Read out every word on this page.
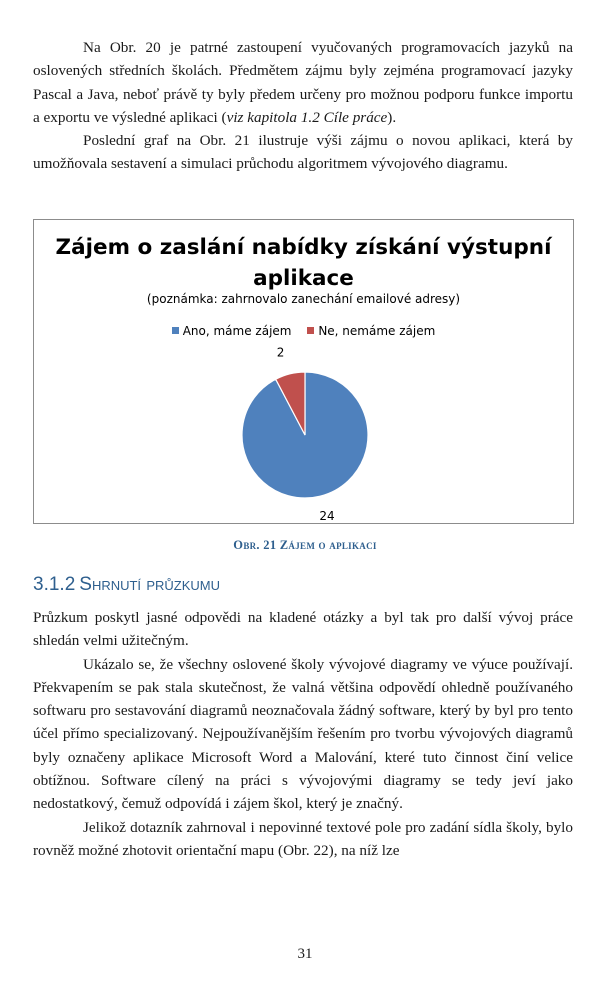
Na Obr. 20 je patrné zastoupení vyučovaných programovacích jazyků na oslovených středních školách. Předmětem zájmu byly zejména programovací jazyky Pascal a Java, neboť právě ty byly předem určeny pro možnou podporu funkce importu a exportu ve výsledné aplikaci (viz kapitola 1.2 Cíle práce).

Poslední graf na Obr. 21 ilustruje výši zájmu o novou aplikaci, která by umožňovala sestavení a simulaci průchodu algoritmem vývojového diagramu.

Zájem o zaslání nabídky získání výstupní aplikace
(poznámka: zahrnovalo zanechání emailové adresy)
Ano, máme zájem Ne, nemáme zájem
24
2
Obr. 21 Zájem o aplikaci
3.1.2 Shrnutí průzkumu

Průzkum poskytl jasné odpovědi na kladené otázky a byl tak pro další vývoj práce shledán velmi užitečným.

Ukázalo se, že všechny oslovené školy vývojové diagramy ve výuce používají. Překvapením se pak stala skutečnost, že valná většina odpovědí ohledně používaného softwaru pro sestavování diagramů neoznačovala žádný software, který by byl pro tento účel přímo specializovaný. Nejpoužívanějším řešením pro tvorbu vývojových diagramů byly označeny aplikace Microsoft Word a Malování, které tuto činnost činí velice obtížnou. Software cílený na práci s vývojovými diagramy se tedy jeví jako nedostatkový, čemuž odpovídá i zájem škol, který je značný.

Jelikož dotazník zahrnoval i nepovinné textové pole pro zadání sídla školy, bylo rovněž možné zhotovit orientační mapu (Obr. 22), na níž lze

31
